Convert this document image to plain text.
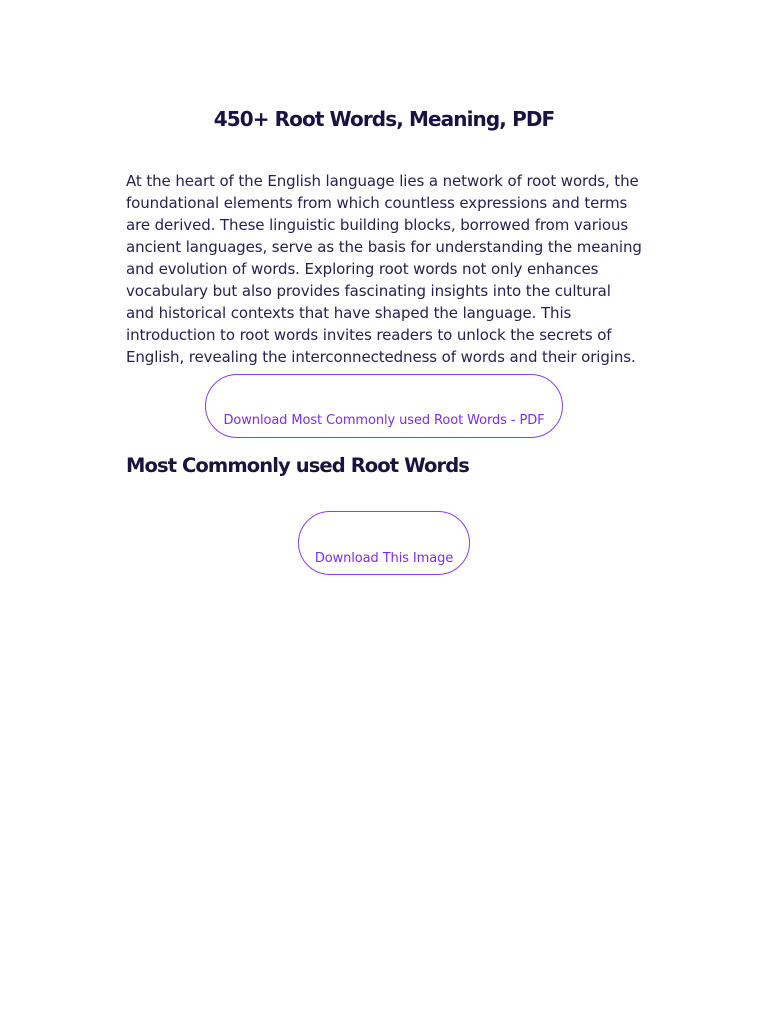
450+ Root Words, Meaning, PDF

At the heart of the English language lies a network of root words, the foundational elements from which countless expressions and terms are derived. These linguistic building blocks, borrowed from various ancient languages, serve as the basis for understanding the meaning and evolution of words. Exploring root words not only enhances vocabulary but also provides fascinating insights into the cultural and historical contexts that have shaped the language. This introduction to root words invites readers to unlock the secrets of English, revealing the interconnectedness of words and their origins.

Download Most Commonly used Root Words - PDF
Most Commonly used Root Words
Download This Image
